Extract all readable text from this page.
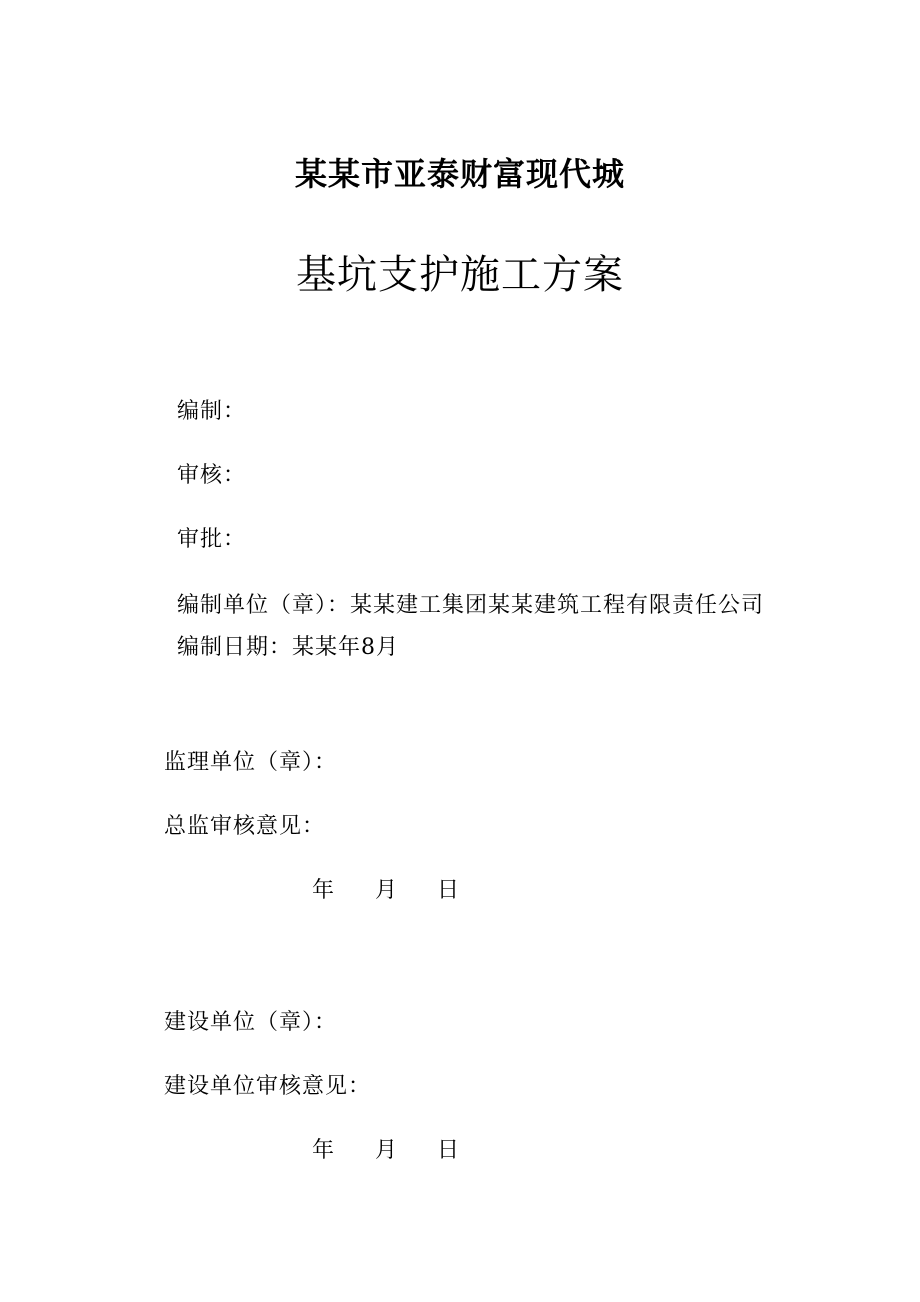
某某市亚泰财富现代城
基坑支护施工方案
编制：
审核：
审批：
编制单位（章）：某某建工集团某某建筑工程有限责任公司
编制日期：某某年8月
监理单位（章）：
总监审核意见：
年 月 日
建设单位（章）：
建设单位审核意见：
年 月 日
